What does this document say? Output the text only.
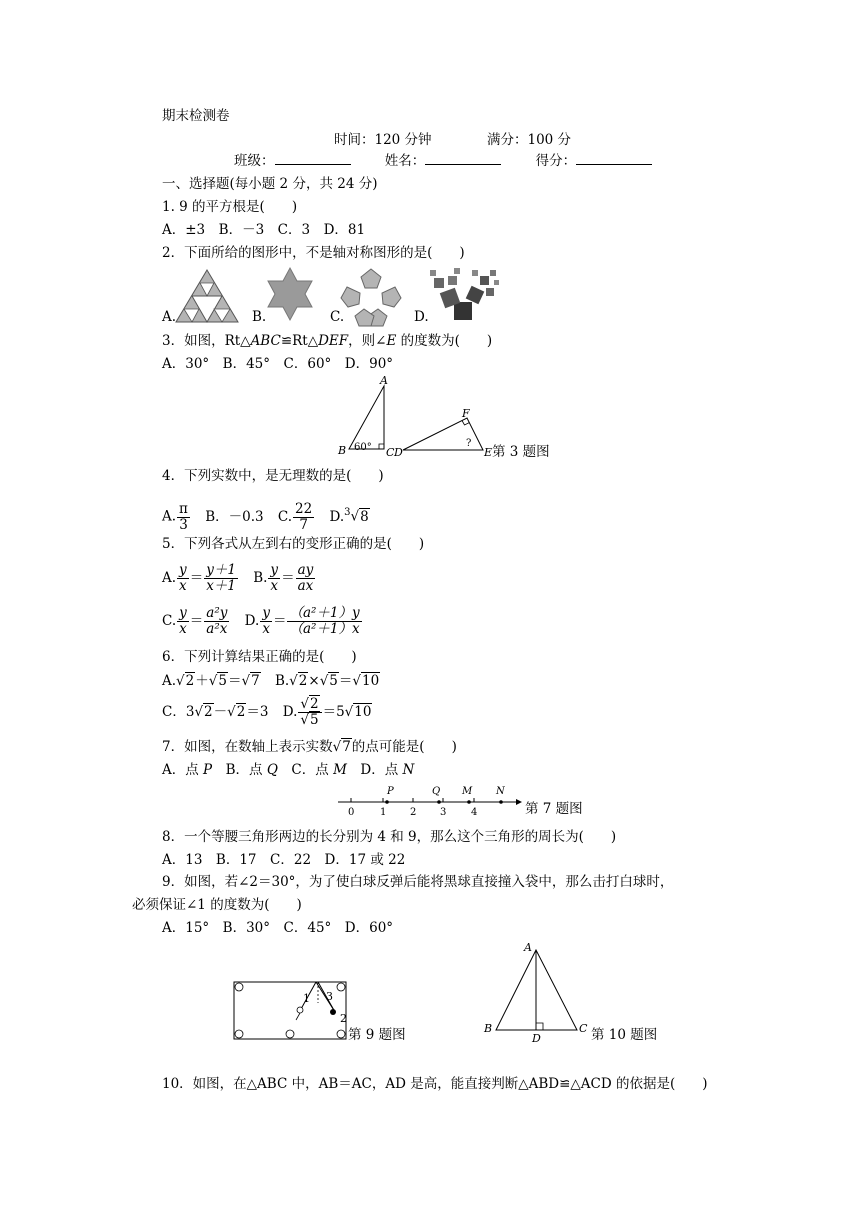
期末检测卷
时间：120 分钟	满分：100 分
班级：	姓名：	得分：
一、选择题(每小题 2 分，共 24 分)
1. 9 的平方根是(　　)
A．±3　B．－3　C．3　D．81
2．下面所给的图形中，不是轴对称图形的是(　　)
A.	B.	C.	D.
3．如图，Rt△ABC≌Rt△DEF，则∠E 的度数为(　　)
A．30°　B．45°　C．60°　D．90°
A
B	C
60° D
F
?
E 第 3 题图
4．下列实数中，是无理数的是(　　)
A. $\frac{\pi}{3}$ B．－0.3 C. $\frac{22}{7} D.^3√8$
5．下列各式从左到右的变形正确的是(　　)
A. $\frac{y}{x} = \frac{y+1}{x+1} B$. $\frac{y}{x} = \frac{ay}{ax}$
C. $\frac{y}{x} = \frac{\text{a²y}}{\text{a²x}} D$. $\frac{y}{x} = \frac{\text{（a²＋1）y}}{\text{（a²＋1）x}}$
6．下列计算结果正确的是(　　)
A.√2＋√5＝√7 B.√2×√5＝√10
C．3√2－√2＝3 D. $\frac{√2}{√5} =5√10$
7．如图，在数轴上表示实数√7的点可能是(　　)
A．点 P　B．点 Q　C．点 M　D．点 N
0	1 2 3 4
P	Q M N
第 7 题图
8．一个等腰三角形两边的长分别为 4 和 9，那么这个三角形的周长为(　　)
A．13　B．17　C．22　D．17 或 22
9．如图，若∠2＝30°，为了使白球反弹后能将黑球直接撞入袋中，那么击打白球时，
必须保证∠1 的度数为(　　)
A．15°　B．30°　C．45°　D．60°
1 3
2
第 9 题图
A
B	C
D	第 10 题图
10．如图，在△ABC 中，AB＝AC，AD 是高，能直接判断△ABD≌△ACD 的依据是(　　)
